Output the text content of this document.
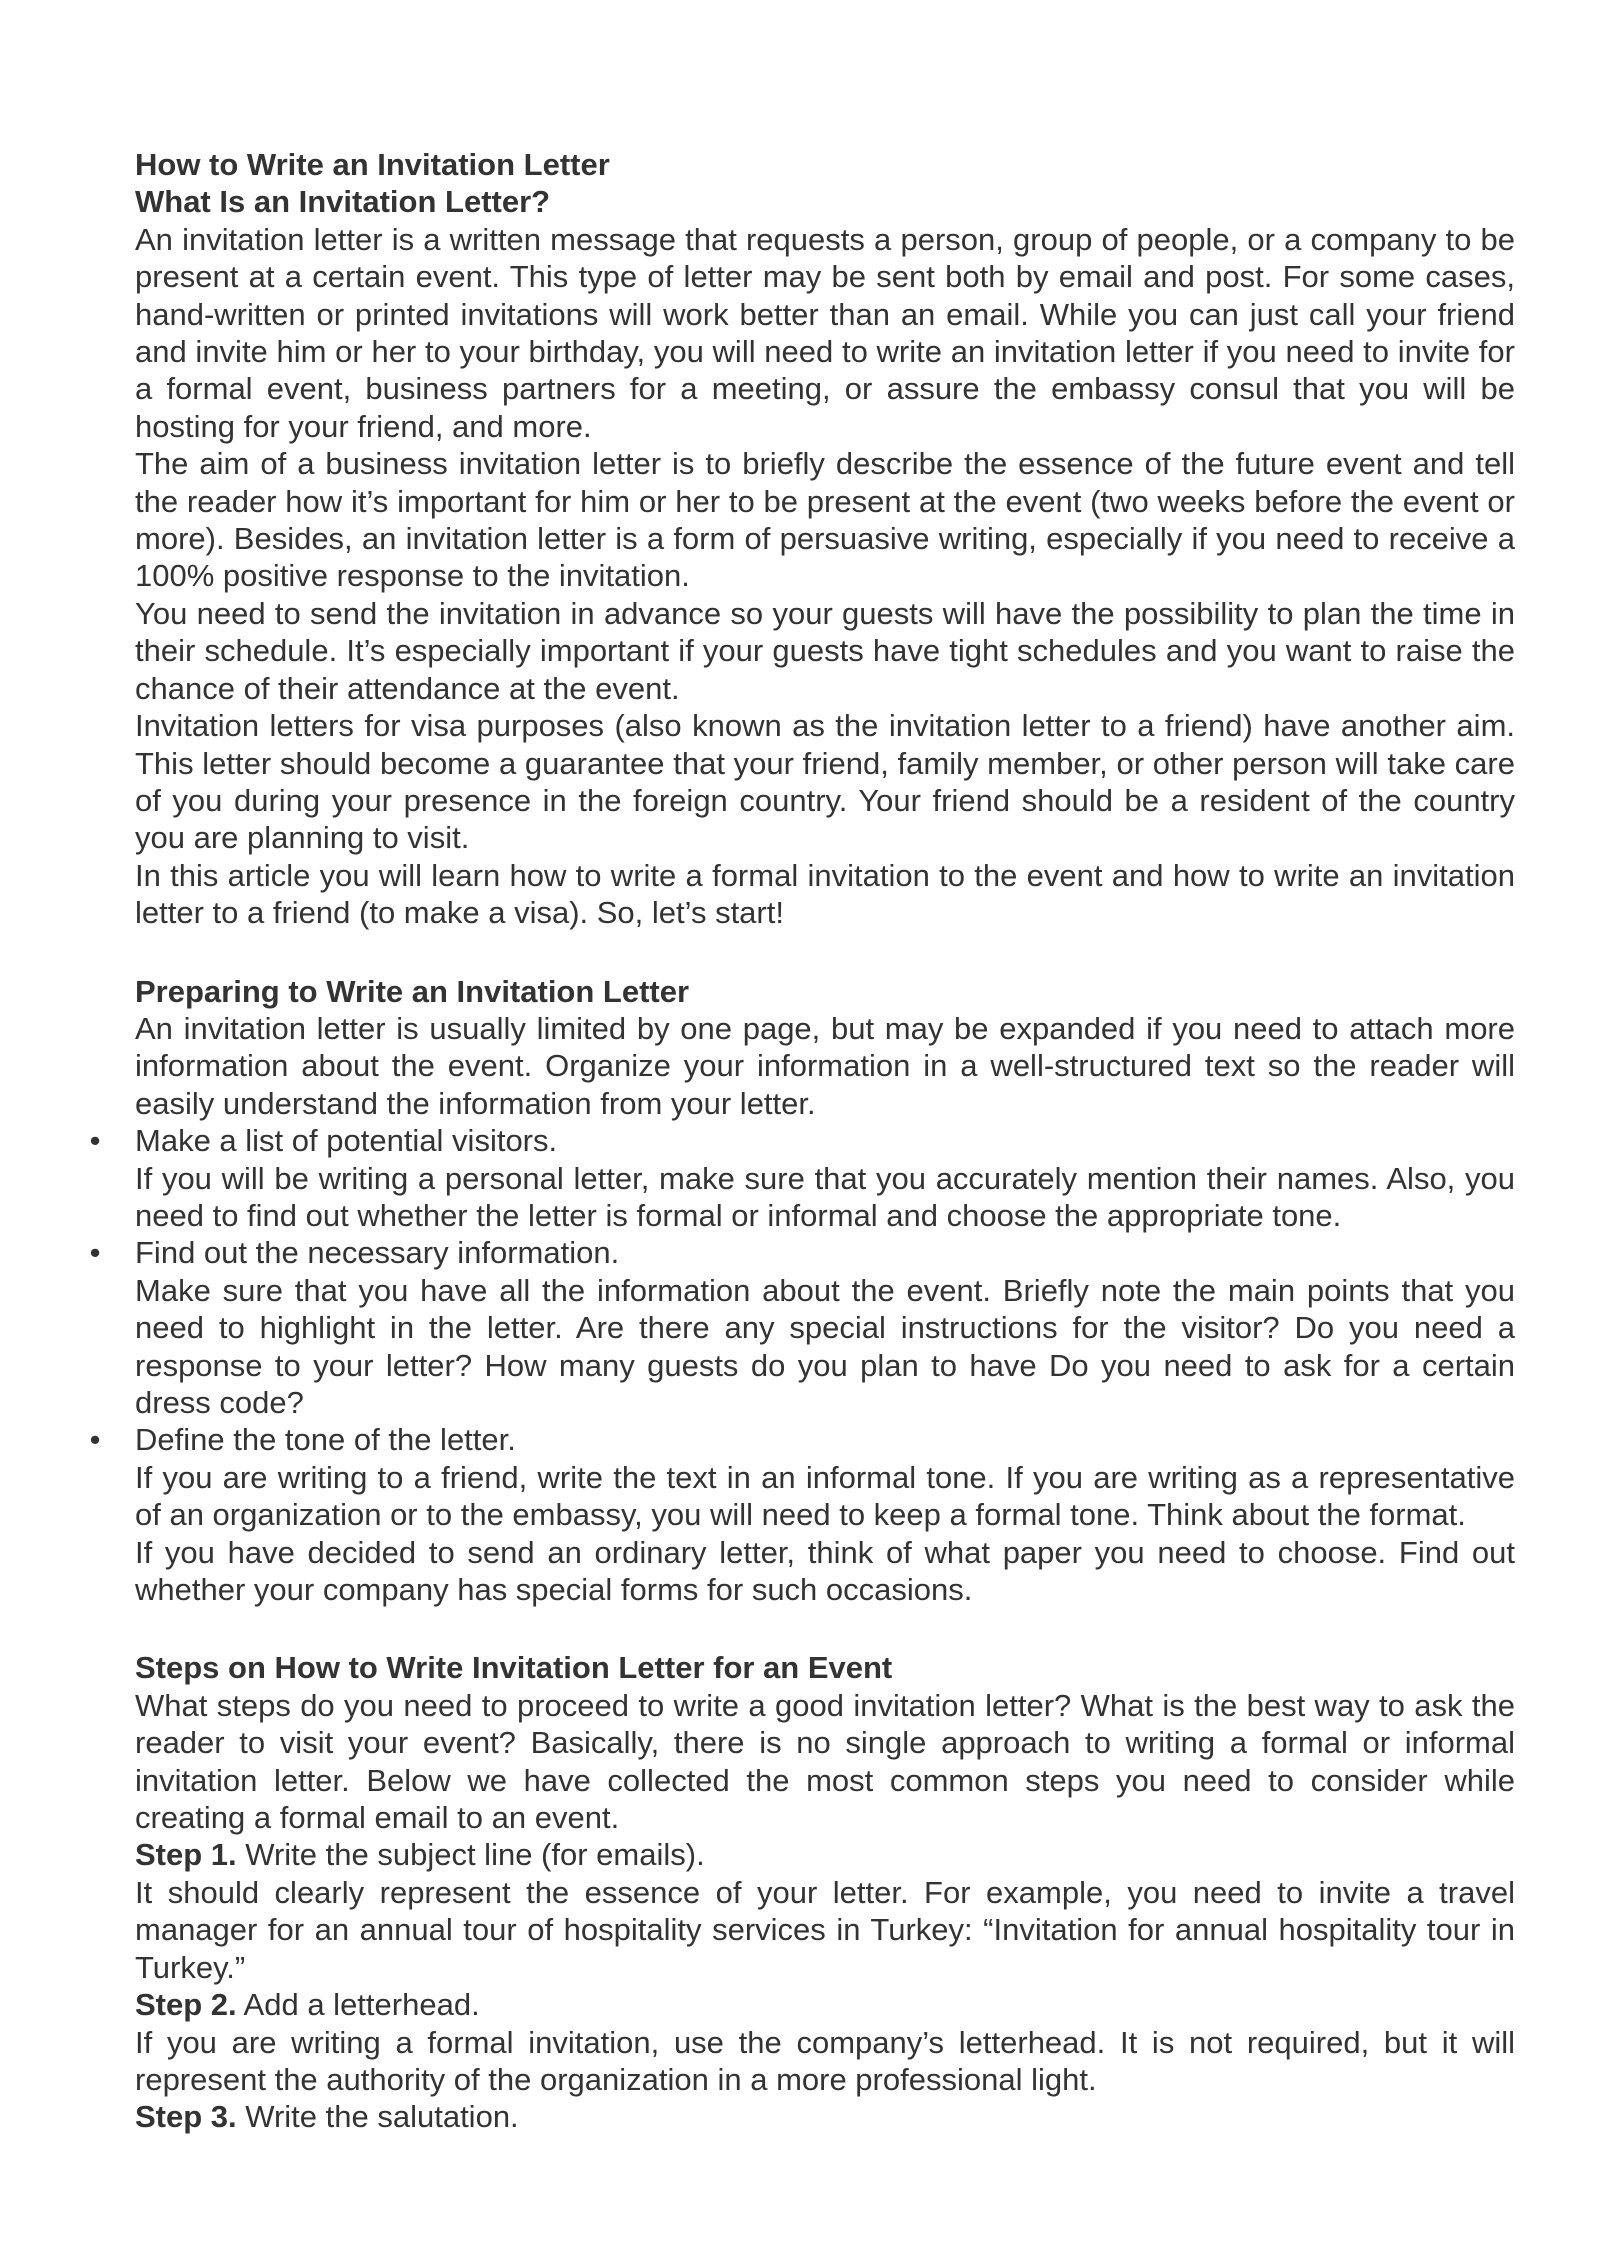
How to Write an Invitation Letter

What Is an Invitation Letter?

An invitation letter is a written message that requests a person, group of people, or a company to be present at a certain event. This type of letter may be sent both by email and post. For some cases, hand-written or printed invitations will work better than an email. While you can just call your friend and invite him or her to your birthday, you will need to write an invitation letter if you need to invite for a formal event, business partners for a meeting, or assure the embassy consul that you will be hosting for your friend, and more.

The aim of a business invitation letter is to briefly describe the essence of the future event and tell the reader how it’s important for him or her to be present at the event (two weeks before the event or more). Besides, an invitation letter is a form of persuasive writing, especially if you need to receive a 100% positive response to the invitation.

You need to send the invitation in advance so your guests will have the possibility to plan the time in their schedule. It’s especially important if your guests have tight schedules and you want to raise the chance of their attendance at the event.

Invitation letters for visa purposes (also known as the invitation letter to a friend) have another aim. This letter should become a guarantee that your friend, family member, or other person will take care of you during your presence in the foreign country. Your friend should be a resident of the country you are planning to visit.

In this article you will learn how to write a formal invitation to the event and how to write an invitation letter to a friend (to make a visa). So, let’s start!

Preparing to Write an Invitation Letter

An invitation letter is usually limited by one page, but may be expanded if you need to attach more information about the event. Organize your information in a well-structured text so the reader will easily understand the information from your letter.

• Make a list of potential visitors.

If you will be writing a personal letter, make sure that you accurately mention their names. Also, you need to find out whether the letter is formal or informal and choose the appropriate tone.

• Find out the necessary information.

Make sure that you have all the information about the event. Briefly note the main points that you need to highlight in the letter. Are there any special instructions for the visitor? Do you need a response to your letter? How many guests do you plan to have Do you need to ask for a certain dress code?

• Define the tone of the letter.

If you are writing to a friend, write the text in an informal tone. If you are writing as a representative of an organization or to the embassy, you will need to keep a formal tone. Think about the format.

If you have decided to send an ordinary letter, think of what paper you need to choose. Find out whether your company has special forms for such occasions.

Steps on How to Write Invitation Letter for an Event

What steps do you need to proceed to write a good invitation letter? What is the best way to ask the reader to visit your event? Basically, there is no single approach to writing a formal or informal invitation letter. Below we have collected the most common steps you need to consider while creating a formal email to an event.

Step 1. Write the subject line (for emails).

It should clearly represent the essence of your letter. For example, you need to invite a travel manager for an annual tour of hospitality services in Turkey: “Invitation for annual hospitality tour in Turkey.”

Step 2. Add a letterhead.

If you are writing a formal invitation, use the company’s letterhead. It is not required, but it will represent the authority of the organization in a more professional light.

Step 3. Write the salutation.
